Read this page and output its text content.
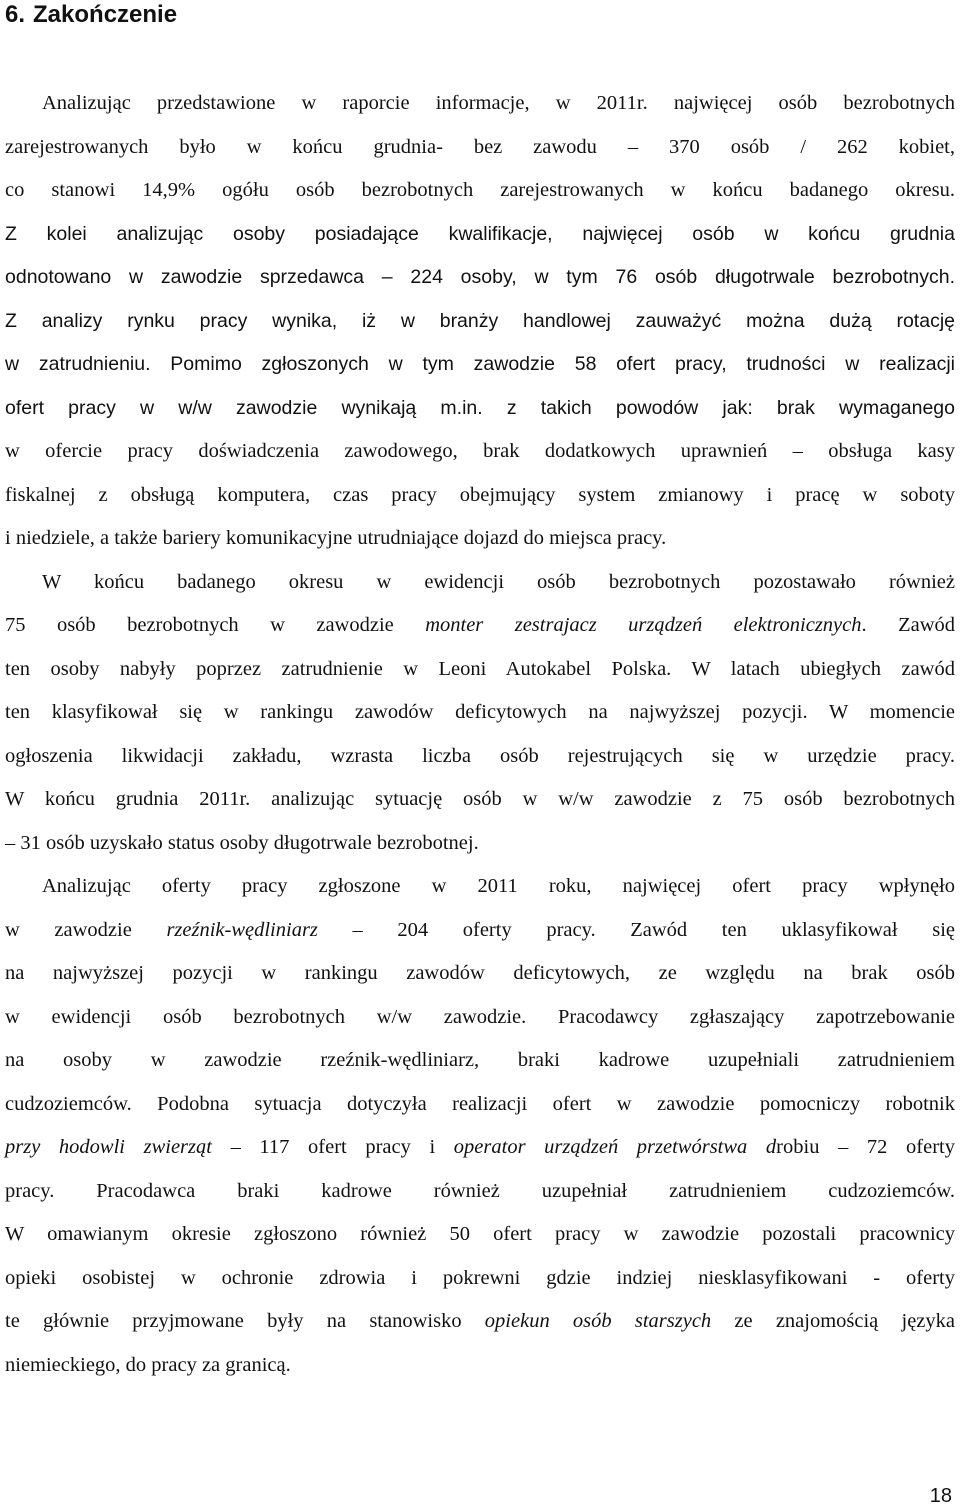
6. Zakończenie
Analizując przedstawione w raporcie informacje, w 2011r. najwięcej osób bezrobotnych
zarejestrowanych było w końcu grudnia- bez zawodu – 370 osób / 262 kobiet,
co stanowi 14,9% ogółu osób bezrobotnych zarejestrowanych w końcu badanego okresu.
Z kolei analizując osoby posiadające kwalifikacje, najwięcej osób w końcu grudnia
odnotowano w zawodzie sprzedawca – 224 osoby, w tym 76 osób długotrwale bezrobotnych.
Z analizy rynku pracy wynika, iż w branży handlowej zauważyć można dużą rotację
w zatrudnieniu. Pomimo zgłoszonych w tym zawodzie 58 ofert pracy, trudności w realizacji
ofert pracy w w/w zawodzie wynikają m.in. z takich powodów jak: brak wymaganego
w ofercie pracy doświadczenia zawodowego, brak dodatkowych uprawnień – obsługa kasy
fiskalnej z obsługą komputera, czas pracy obejmujący system zmianowy i pracę w soboty
i niedziele, a także bariery komunikacyjne utrudniające dojazd do miejsca pracy.
W końcu badanego okresu w ewidencji osób bezrobotnych pozostawało również
75 osób bezrobotnych w zawodzie monter zestrajacz urządzeń elektronicznych. Zawód
ten osoby nabyły poprzez zatrudnienie w Leoni Autokabel Polska. W latach ubiegłych zawód
ten klasyfikował się w rankingu zawodów deficytowych na najwyższej pozycji. W momencie
ogłoszenia likwidacji zakładu, wzrasta liczba osób rejestrujących się w urzędzie pracy.
W końcu grudnia 2011r. analizując sytuację osób w w/w zawodzie z 75 osób bezrobotnych
– 31 osób uzyskało status osoby długotrwale bezrobotnej.
Analizując oferty pracy zgłoszone w 2011 roku, najwięcej ofert pracy wpłynęło
w zawodzie rzeźnik-wędliniarz – 204 oferty pracy. Zawód ten uklasyfikował się
na najwyższej pozycji w rankingu zawodów deficytowych, ze względu na brak osób
w ewidencji osób bezrobotnych w/w zawodzie. Pracodawcy zgłaszający zapotrzebowanie
na osoby w zawodzie rzeźnik-wędliniarz, braki kadrowe uzupełniali zatrudnieniem
cudzoziemców. Podobna sytuacja dotyczyła realizacji ofert w zawodzie pomocniczy robotnik
przy hodowli zwierząt – 117 ofert pracy i operator urządzeń przetwórstwa drobiu – 72 oferty
pracy. Pracodawca braki kadrowe również uzupełniał zatrudnieniem cudzoziemców.
W omawianym okresie zgłoszono również 50 ofert pracy w zawodzie pozostali pracownicy
opieki osobistej w ochronie zdrowia i pokrewni gdzie indziej niesklasyfikowani - oferty
te głównie przyjmowane były na stanowisko opiekun osób starszych ze znajomością języka
niemieckiego, do pracy za granicą.
18
